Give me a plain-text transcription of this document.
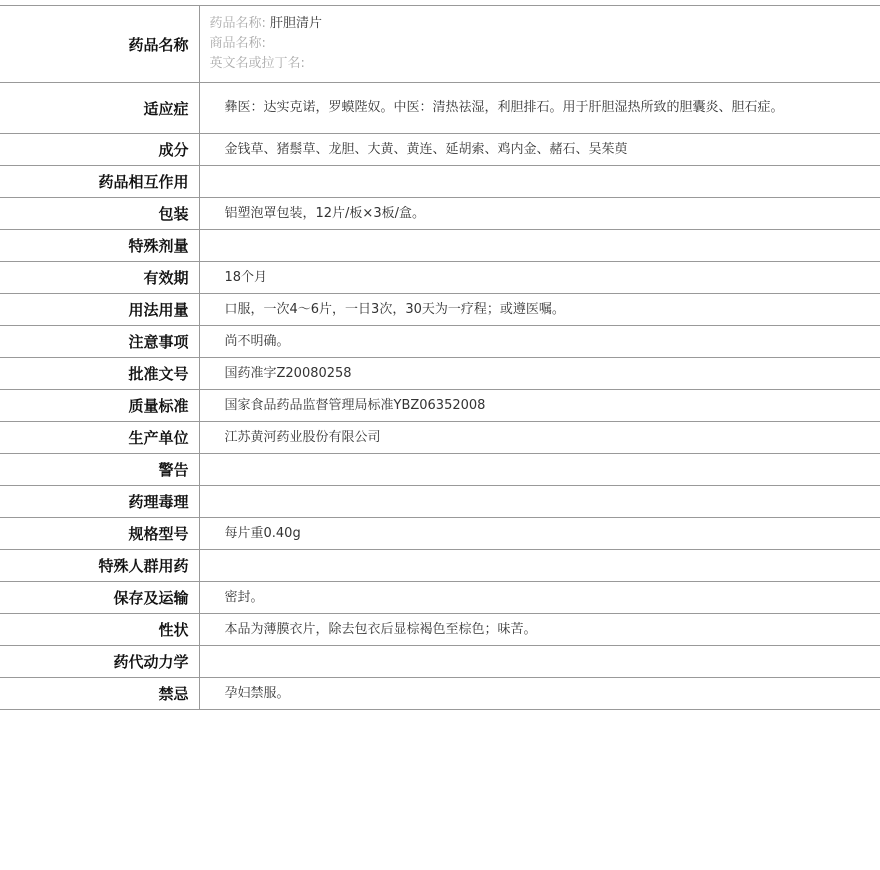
药品名称	药品名称: 肝胆清片
商品名称:
英文名或拉丁名:

适应症	彝医：达实克诺，罗蟆陛奴。中医：清热祛湿，利胆排石。用于肝胆湿热所致的胆囊炎、胆石症。
成分	金钱草、猪鬃草、龙胆、大黄、黄连、延胡索、鸡内金、赭石、吴茱萸
药品相互作用	
包装	铝塑泡罩包装，12片/板×3板/盒。
特殊剂量	
有效期	18个月
用法用量	口服，一次4～6片，一日3次，30天为一疗程；或遵医嘱。
注意事项	尚不明确。
批准文号	国药准字Z20080258
质量标准	国家食品药品监督管理局标准YBZ06352008
生产单位	江苏黄河药业股份有限公司
警告	
药理毒理	
规格型号	每片重0.40g
特殊人群用药	
保存及运输	密封。
性状	本品为薄膜衣片，除去包衣后显棕褐色至棕色；味苦。
药代动力学	
禁忌	孕妇禁服。
